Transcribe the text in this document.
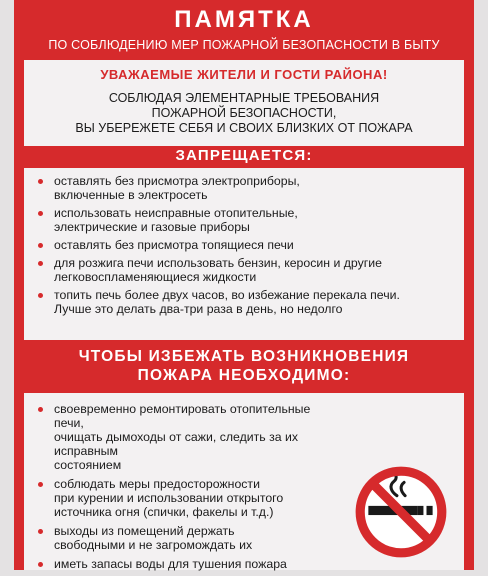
ПАМЯТКА
ПО СОБЛЮДЕНИЮ МЕР ПОЖАРНОЙ БЕЗОПАСНОСТИ В БЫТУ
УВАЖАЕМЫЕ ЖИТЕЛИ И ГОСТИ РАЙОНА!
СОБЛЮДАЯ ЭЛЕМЕНТАРНЫЕ ТРЕБОВАНИЯ
ПОЖАРНОЙ БЕЗОПАСНОСТИ,
ВЫ УБЕРЕЖЕТЕ СЕБЯ И СВОИХ БЛИЗКИХ ОТ ПОЖАРА
ЗАПРЕЩАЕТСЯ:
оставлять без присмотра электроприборы,
включенные в электросеть
использовать неисправные отопительные,
электрические и газовые приборы
оставлять без присмотра топящиеся печи
для розжига печи использовать бензин, керосин и другие
легковоспламеняющиеся жидкости
топить печь более двух часов, во избежание перекала печи.
Лучше это делать два-три раза в день, но недолго
ЧТОБЫ ИЗБЕЖАТЬ ВОЗНИКНОВЕНИЯ
ПОЖАРА НЕОБХОДИМО:
своевременно ремонтировать отопительные печи,
очищать дымоходы от сажи, следить за их исправным
состоянием
соблюдать меры предосторожности
при курении и использовании открытого
источника огня (спички, факелы и т.д.)
выходы из помещений держать
свободными и не загромождать их
иметь запасы воды для тушения пожара
